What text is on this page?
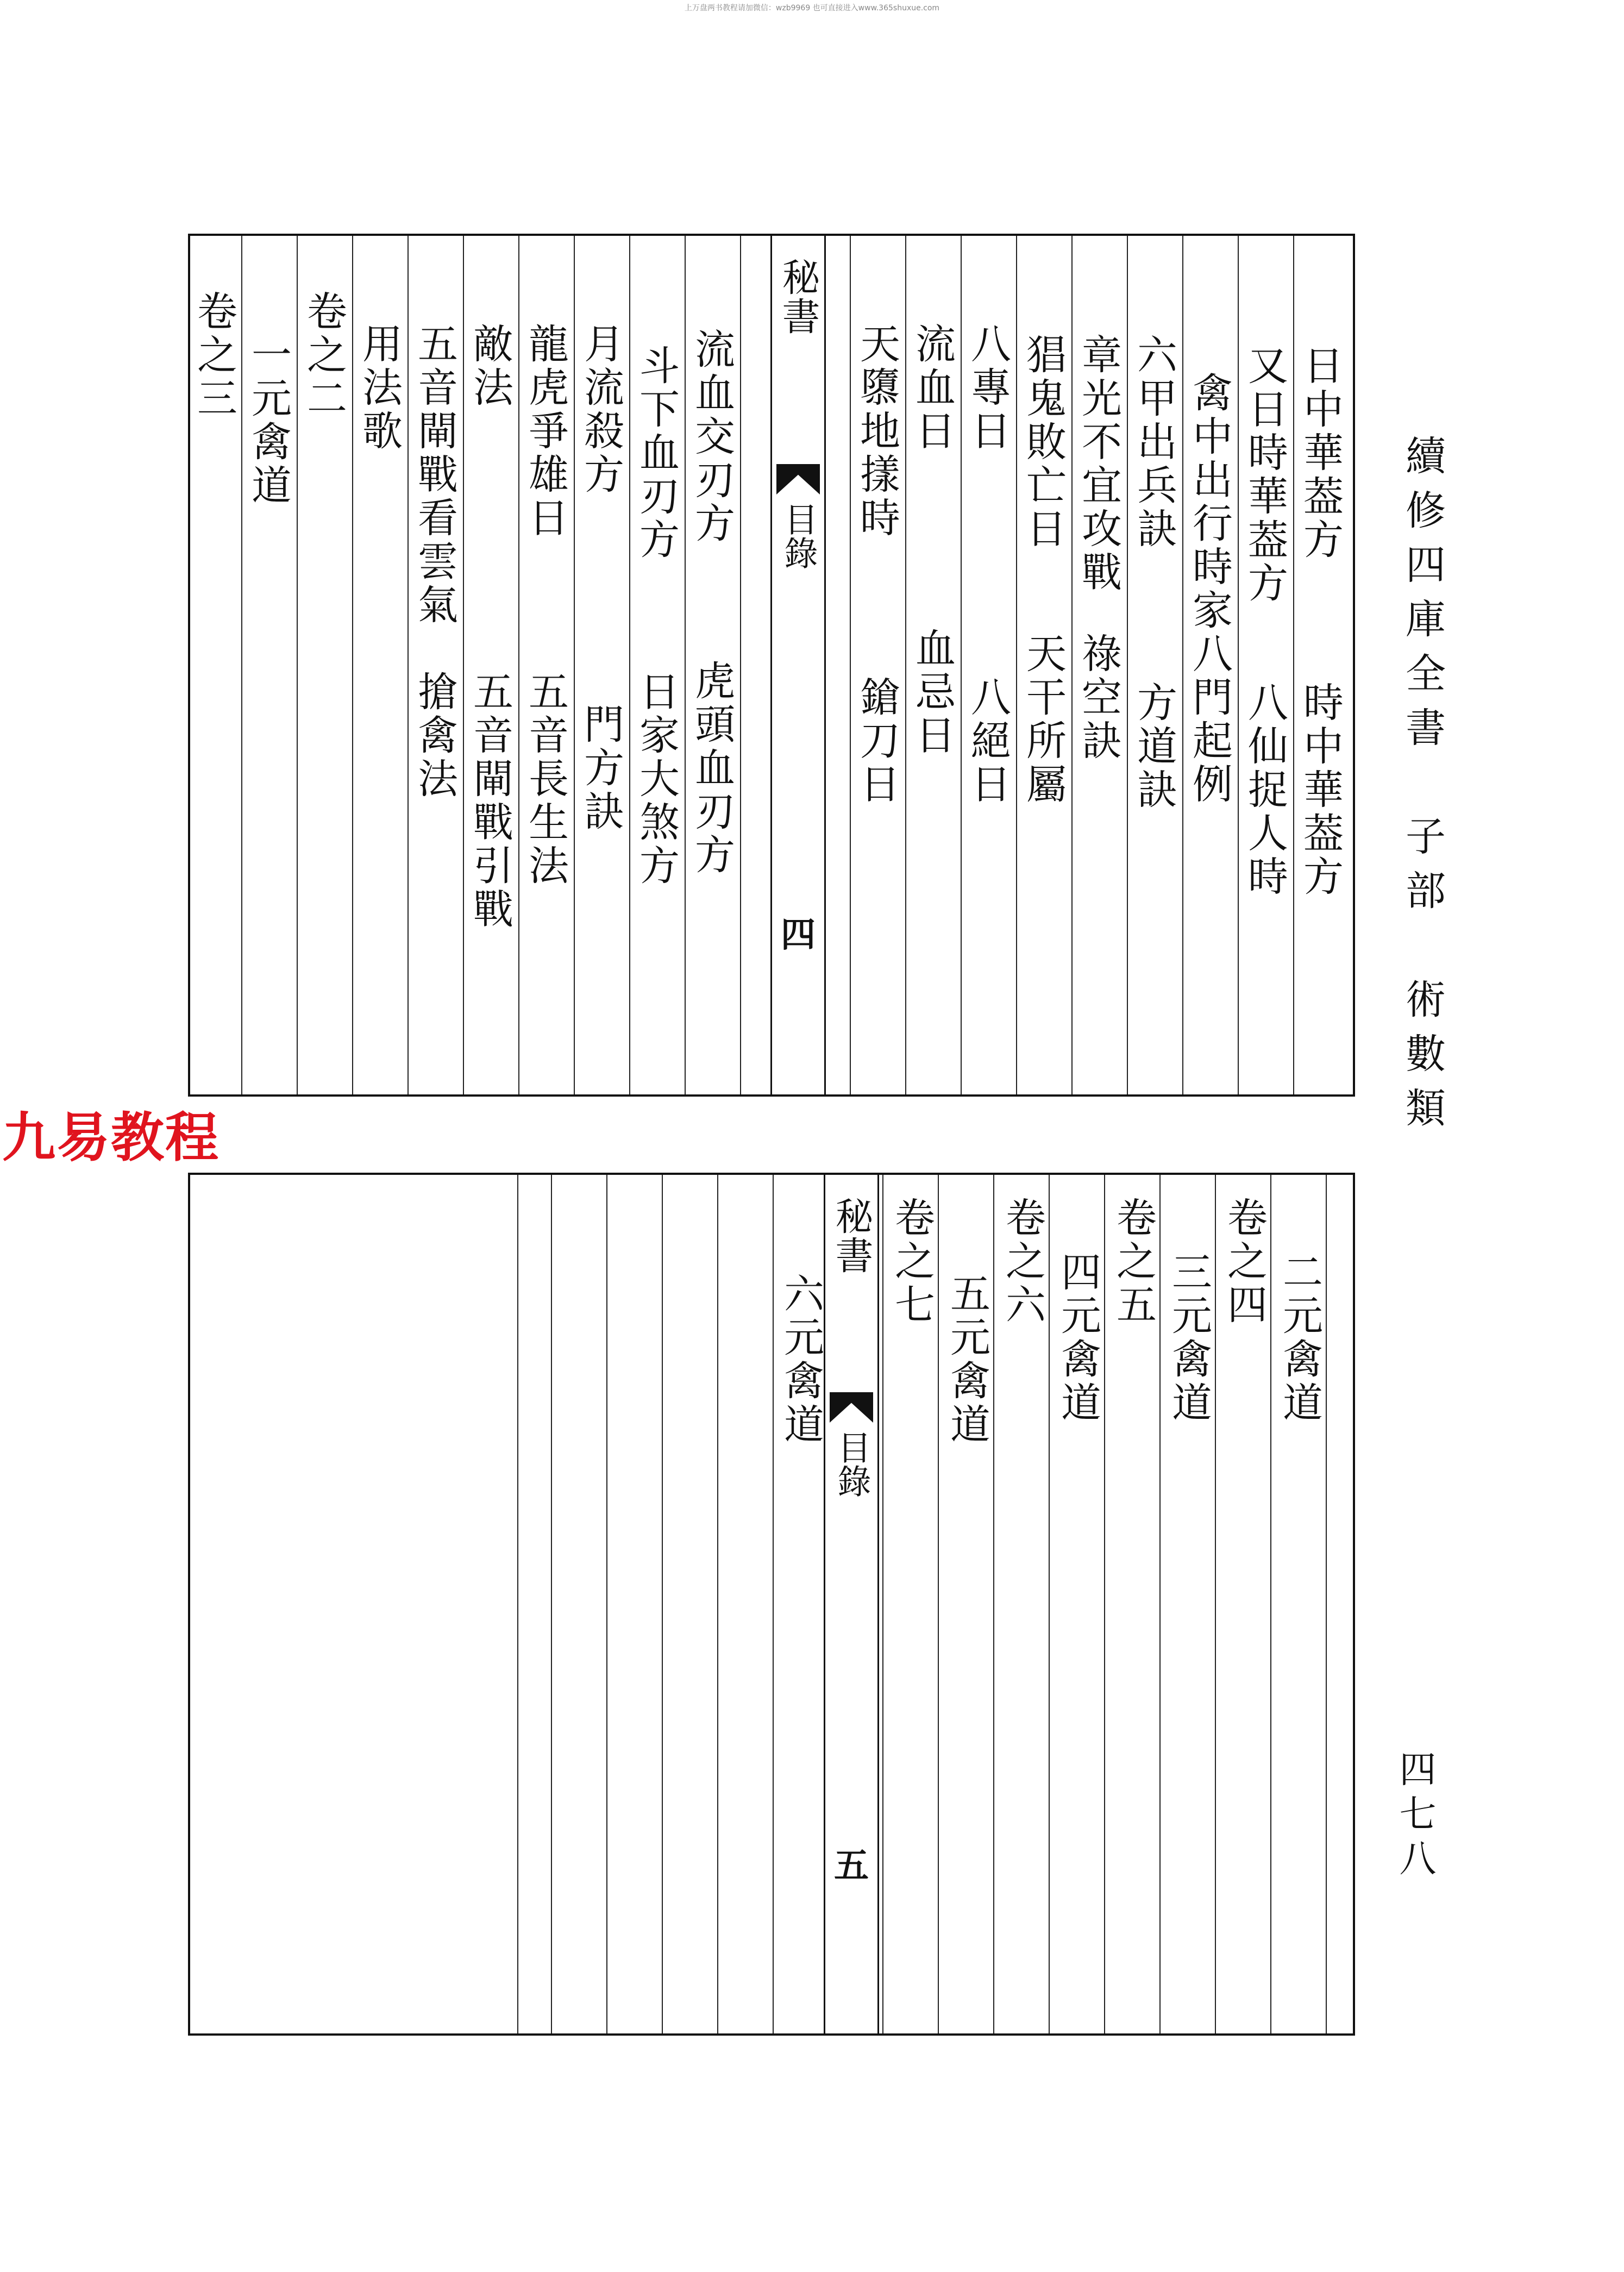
上万盘两书教程请加微信：wzb9969 也可直接进入www.365shuxue.com
續修四庫全書　子部　術數類
四七八
九易教程
秘書
目錄
四
日中華葢方
時中華葢方
又日時華葢方
八仙捉人時
禽中出行時家八門起例
六甲出兵訣
方道訣
章光不宜攻戰
祿空訣
猖鬼敗亡日
天干所屬
八專日
八絕日
流血日
血忌日
天隳地㨾時
鎗刀日
流血交刃方
虎頭血刃方
斗下血刃方
日家大煞方
月流殺方
門方訣
龍虎爭雄日
五音長生法
敵法
五音閘戰引戰
五音閘戰看雲氣
搶禽法
用法歌
卷之二
一元禽道
卷之三
秘書
目錄
五
二元禽道
卷之四
三元禽道
卷之五
四元禽道
卷之六
五元禽道
卷之七
六元禽道
